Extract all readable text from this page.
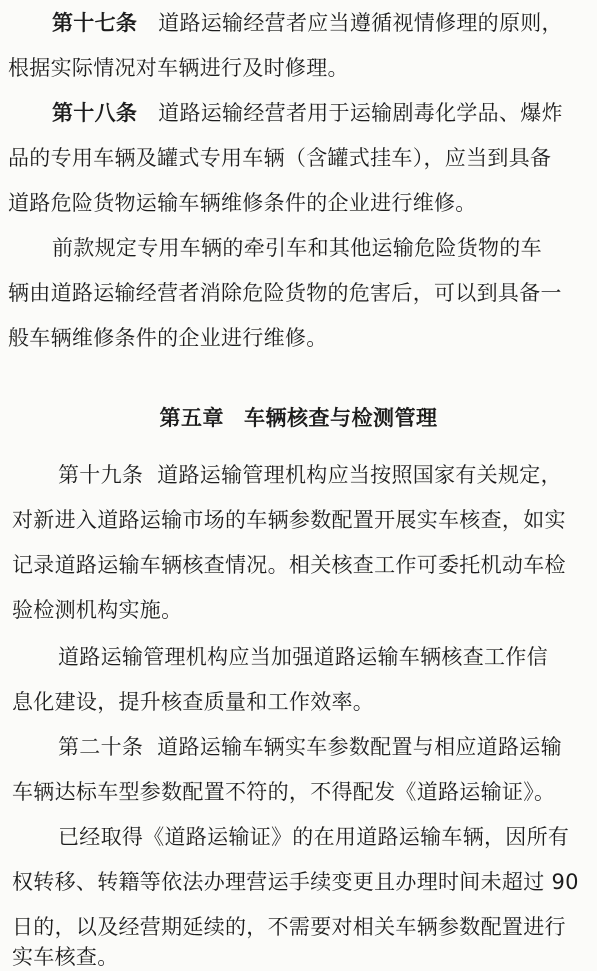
第十七条 道路运输经营者应当遵循视情修理的原则，
根据实际情况对车辆进行及时修理。
第十八条 道路运输经营者用于运输剧毒化学品、爆炸
品的专用车辆及罐式专用车辆（含罐式挂车），应当到具备
道路危险货物运输车辆维修条件的企业进行维修。
前款规定专用车辆的牵引车和其他运输危险货物的车
辆由道路运输经营者消除危险货物的危害后，可以到具备一
般车辆维修条件的企业进行维修。
第五章 车辆核查与检测管理
第十九条 道路运输管理机构应当按照国家有关规定，
对新进入道路运输市场的车辆参数配置开展实车核查，如实
记录道路运输车辆核查情况。相关核查工作可委托机动车检
验检测机构实施。
道路运输管理机构应当加强道路运输车辆核查工作信
息化建设，提升核查质量和工作效率。
第二十条 道路运输车辆实车参数配置与相应道路运输
车辆达标车型参数配置不符的，不得配发《道路运输证》。
已经取得《道路运输证》的在用道路运输车辆，因所有
权转移、转籍等依法办理营运手续变更且办理时间未超过 90
日的，以及经营期延续的，不需要对相关车辆参数配置进行
实车核查。
